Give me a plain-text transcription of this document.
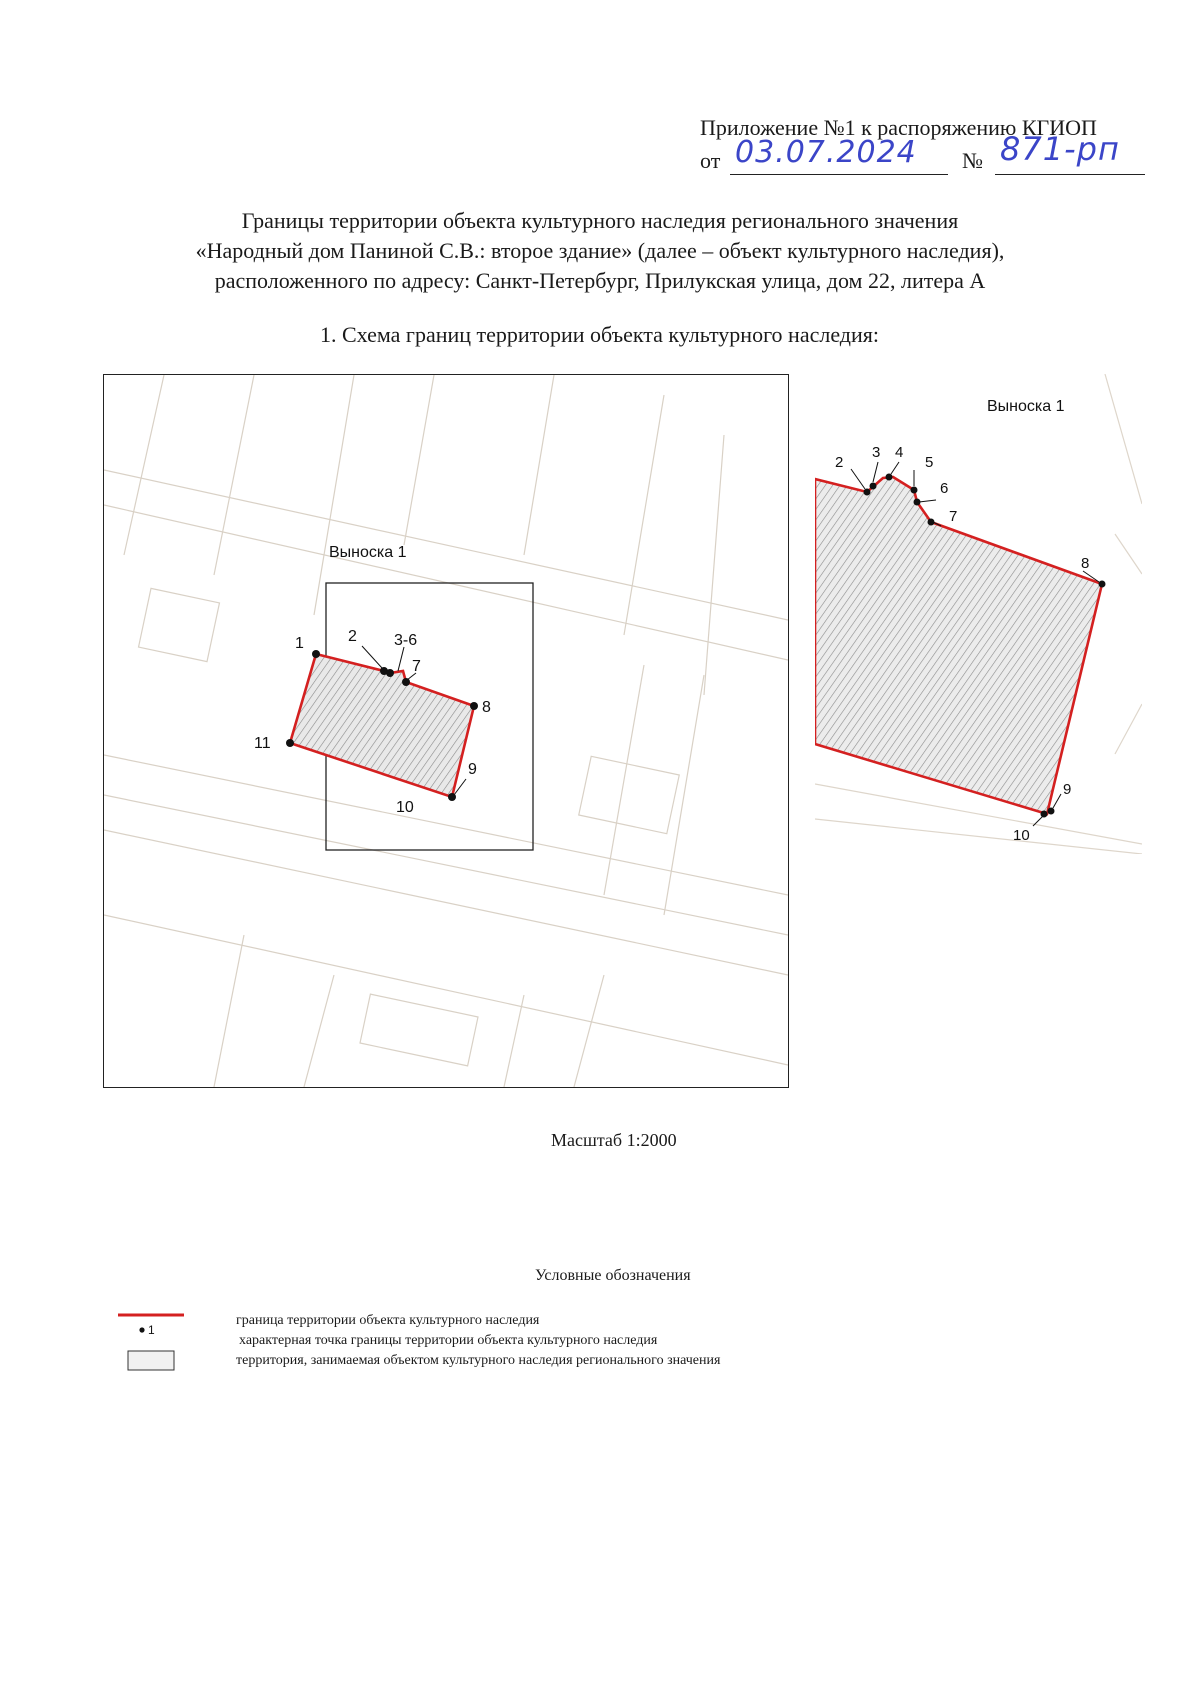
Приложение №1 к распоряжению КГИОП
от 03.07.2024 № 871-рп
Границы территории объекта культурного наследия регионального значения
«Народный дом Паниной С.В.: второе здание» (далее – объект культурного наследия),
расположенного по адресу: Санкт-Петербург, Прилукская улица, дом 22, литера А
1. Схема границ территории объекта культурного наследия:
Выноска 1
1	2 3-6
7
8
9
10
11
Выноска 1
2
3 4
5
6
7
8
9
10
Масштаб 1:2000
Условные обозначения
1
граница территории объекта культурного наследия
характерная точка границы территории объекта культурного наследия
территория, занимаемая объектом культурного наследия регионального значения
